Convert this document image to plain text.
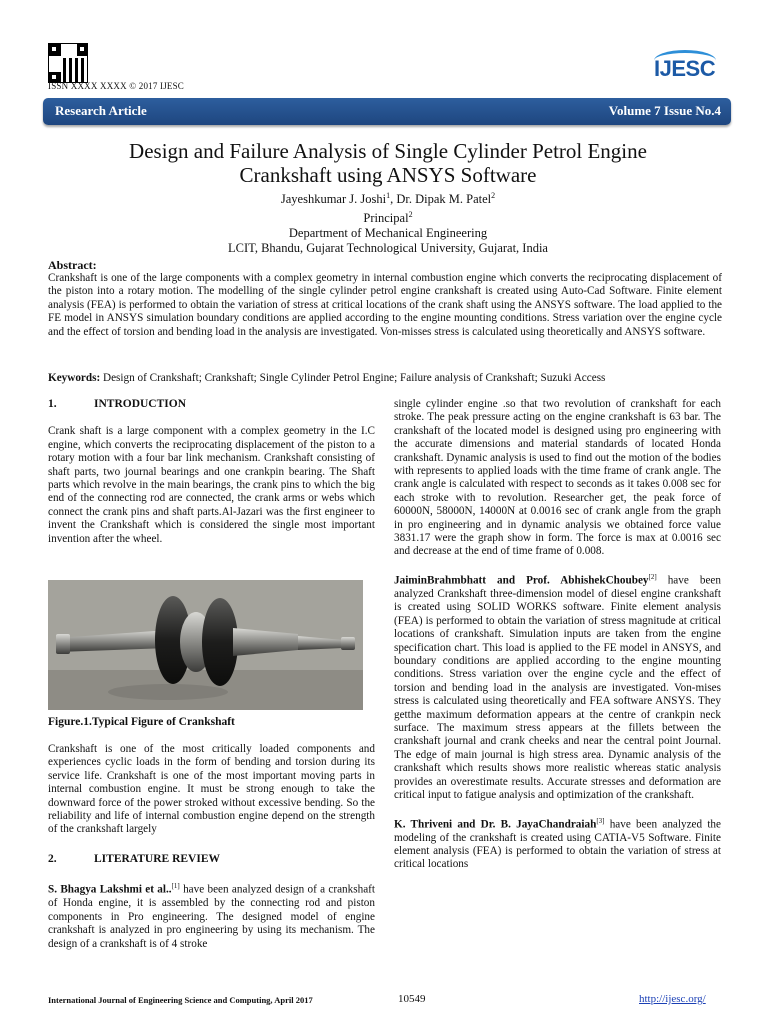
ISSN XXXX XXXX © 2017 IJESC
IJESC
Research Article	Volume 7 Issue No.4
Design and Failure Analysis of Single Cylinder Petrol Engine
Crankshaft using ANSYS Software
Jayeshkumar J. Joshi$^1$, Dr. Dipak M. Patel$^2$
Principal$^2$
Department of Mechanical Engineering
LCIT, Bhandu, Gujarat Technological University, Gujarat, India
Abstract:

Crankshaft is one of the large components with a complex geometry in internal combustion engine which converts the reciprocating displacement of the piston into a rotary motion. The modelling of the single cylinder petrol engine crankshaft is created using Auto-Cad Software. Finite element analysis (FEA) is performed to obtain the variation of stress at critical locations of the crank shaft using the ANSYS software. The load applied to the FE model in ANSYS simulation boundary conditions are applied according to the engine mounting conditions. Stress variation over the engine cycle and the effect of torsion and bending load in the analysis are investigated. Von-misses stress is calculated using theoretically and ANSYS software.

Keywords: Design of Crankshaft; Crankshaft; Single Cylinder Petrol Engine; Failure analysis of Crankshaft; Suzuki Access
1.	INTRODUCTION

Crank shaft is a large component with a complex geometry in the I.C engine, which converts the reciprocating displacement of the piston to a rotary motion with a four bar link mechanism. Crankshaft consisting of shaft parts, two journal bearings and one crankpin bearing. The Shaft parts which revolve in the main bearings, the crank pins to which the big end of the connecting rod are connected, the crank arms or webs which connect the crank pins and shaft parts.Al-Jazari was the first engineer to invent the Crankshaft which is considered the single most important invention after the wheel.

Figure.1.Typical Figure of Crankshaft

Crankshaft is one of the most critically loaded components and experiences cyclic loads in the form of bending and torsion during its service life. Crankshaft is one of the most important moving parts in internal combustion engine. It must be strong enough to take the downward force of the power stroked without excessive bending. So the reliability and life of internal combustion engine depend on the strength of the crankshaft largely

2.	LITERATURE REVIEW

S. Bhagya Lakshmi et al..[1] have been analyzed design of a crankshaft of Honda engine, it is assembled by the connecting rod and piston components in Pro engineering. The designed model of engine crankshaft is analyzed in pro engineering by using its mechanism. The design of a crankshaft is of 4 stroke

single cylinder engine .so that two revolution of crankshaft for each stroke. The peak pressure acting on the engine crankshaft is 63 bar. The crankshaft of the located model is designed using pro engineering with the accurate dimensions and material standards of located Honda crankshaft. Dynamic analysis is used to find out the motion of the bodies with represents to applied loads with the time frame of crank angle. The crank angle is calculated with respect to seconds as it takes 0.008 sec for each stroke with to revolution. Researcher get, the peak force of 60000N, 58000N, 14000N at 0.0016 sec of crank angle from the graph in pro engineering and in dynamic analysis we obtained force value 3831.17 were the graph show in form. The force is max at 0.0016 sec and decrease at the end of time frame of 0.008.

JaiminBrahmbhatt and Prof. AbhishekChoubey[2] have been analyzed Crankshaft three-dimension model of diesel engine crankshaft is created using SOLID WORKS software. Finite element analysis (FEA) is performed to obtain the variation of stress magnitude at critical locations of crankshaft. Simulation inputs are taken from the engine specification chart. This load is applied to the FE model in ANSYS, and boundary conditions are applied according to the engine mounting conditions. Stress variation over the engine cycle and the effect of torsion and bending load in the analysis are investigated. Von-mises stress is calculated using theoretically and FEA software ANSYS. They getthe maximum deformation appears at the centre of crankpin neck surface. The maximum stress appears at the fillets between the crankshaft journal and crank cheeks and near the central point Journal. The edge of main journal is high stress area. Dynamic analysis of the crankshaft which results shows more realistic whereas static analysis provides an overestimate results. Accurate stresses and deformation are critical input to fatigue analysis and optimization of the crankshaft.

K. Thriveni and Dr. B. JayaChandraiah[3] have been analyzed the modeling of the crankshaft is created using CATIA-V5 Software. Finite element analysis (FEA) is performed to obtain the variation of stress at critical locations

International Journal of Engineering Science and Computing, April 2017	10549	http://ijesc.org/
